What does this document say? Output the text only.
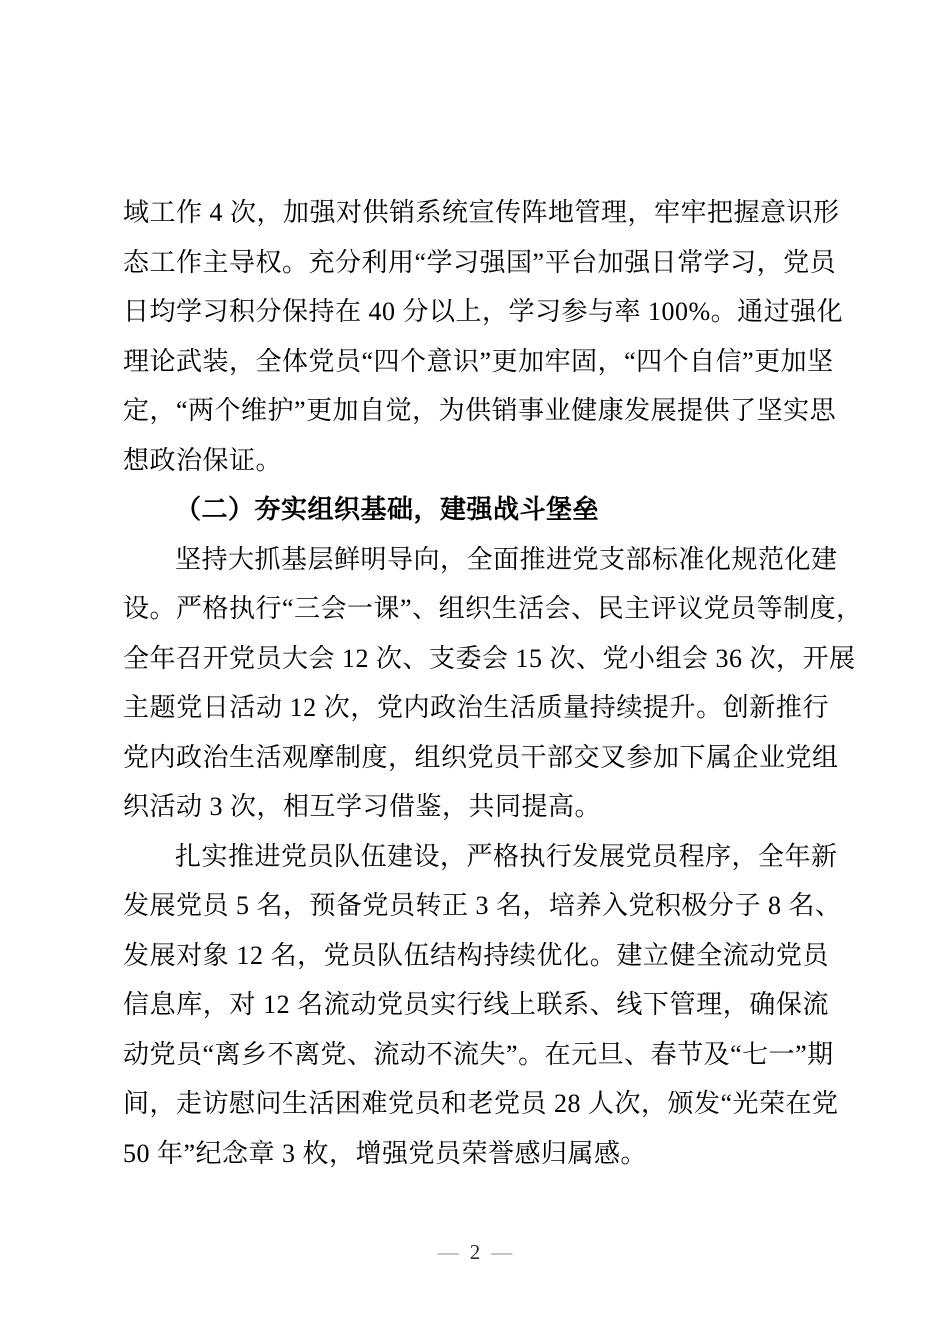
域工作 4 次，加强对供销系统宣传阵地管理，牢牢把握意识形
态工作主导权。充分利用“学习强国”平台加强日常学习，党员
日均学习积分保持在 40 分以上，学习参与率 100%。通过强化
理论武装，全体党员“四个意识”更加牢固，“四个自信”更加坚
定，“两个维护”更加自觉，为供销事业健康发展提供了坚实思
想政治保证。
（二）夯实组织基础，建强战斗堡垒
坚持大抓基层鲜明导向，全面推进党支部标准化规范化建
设。严格执行“三会一课”、组织生活会、民主评议党员等制度，
全年召开党员大会 12 次、支委会 15 次、党小组会 36 次，开展
主题党日活动 12 次，党内政治生活质量持续提升。创新推行
党内政治生活观摩制度，组织党员干部交叉参加下属企业党组
织活动 3 次，相互学习借鉴，共同提高。
扎实推进党员队伍建设，严格执行发展党员程序，全年新
发展党员 5 名，预备党员转正 3 名，培养入党积极分子 8 名、
发展对象 12 名，党员队伍结构持续优化。建立健全流动党员
信息库，对 12 名流动党员实行线上联系、线下管理，确保流
动党员“离乡不离党、流动不流失”。在元旦、春节及“七一”期
间，走访慰问生活困难党员和老党员 28 人次，颁发“光荣在党
50 年”纪念章 3 枚，增强党员荣誉感归属感。
— 2 —
